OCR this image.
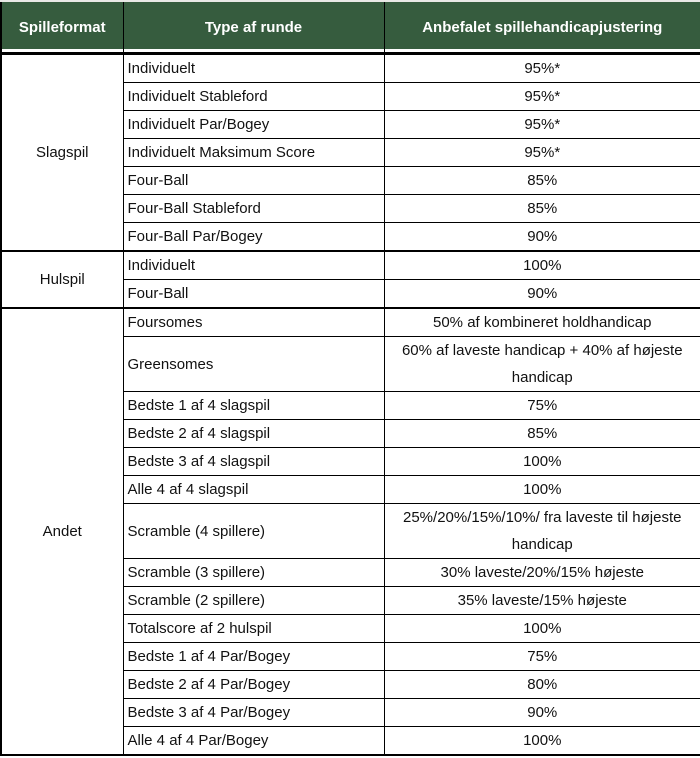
Spilleformat	Type af runde	Anbefalet spillehandicapjustering
Slagspil	Individuelt	95%*
	Individuelt Stableford	95%*
	Individuelt Par/Bogey	95%*
	Individuelt Maksimum Score	95%*
	Four-Ball	85%
	Four-Ball Stableford	85%
	Four-Ball Par/Bogey	90%
Hulspil	Individuelt	100%
	Four-Ball	90%
Andet	Foursomes	50% af kombineret holdhandicap
	Greensomes	60% af laveste handicap + 40% af højeste handicap
	Bedste 1 af 4 slagspil	75%
	Bedste 2 af 4 slagspil	85%
	Bedste 3 af 4 slagspil	100%
	Alle 4 af 4 slagspil	100%
	Scramble (4 spillere)	25%/20%/15%/10%/ fra laveste til højeste handicap
	Scramble (3 spillere)	30% laveste/20%/15% højeste
	Scramble (2 spillere)	35% laveste/15% højeste
	Totalscore af 2 hulspil	100%
	Bedste 1 af 4 Par/Bogey	75%
	Bedste 2 af 4 Par/Bogey	80%
	Bedste 3 af 4 Par/Bogey	90%
	Alle 4 af 4 Par/Bogey	100%
